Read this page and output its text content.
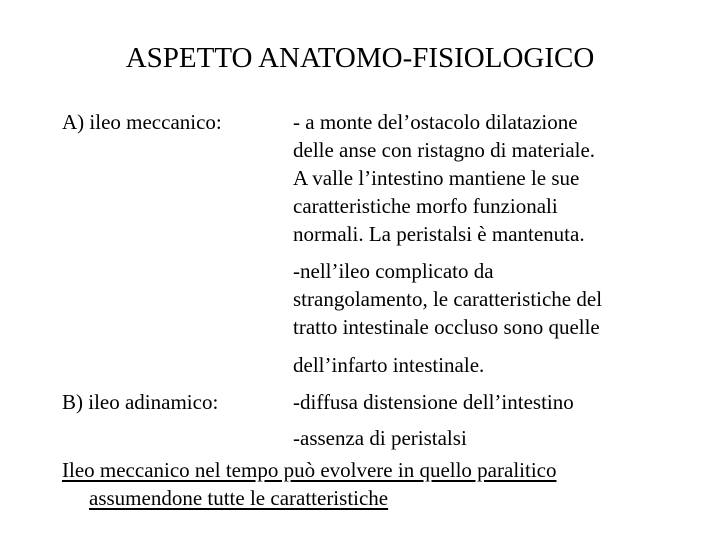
ASPETTO ANATOMO-FISIOLOGICO
A) ileo meccanico:	- a monte del’ostacolo dilatazione
delle anse con ristagno di materiale.
A valle l’intestino mantiene le sue
caratteristiche morfo funzionali
normali. La peristalsi è mantenuta.
-nell’ileo complicato da
strangolamento, le caratteristiche del
tratto intestinale occluso sono quelle
dell’infarto intestinale.
B) ileo adinamico:	-diffusa distensione dell’intestino
-assenza di peristalsi
Ileo meccanico nel tempo può evolvere in quello paralitico
assumendone tutte le caratteristiche
